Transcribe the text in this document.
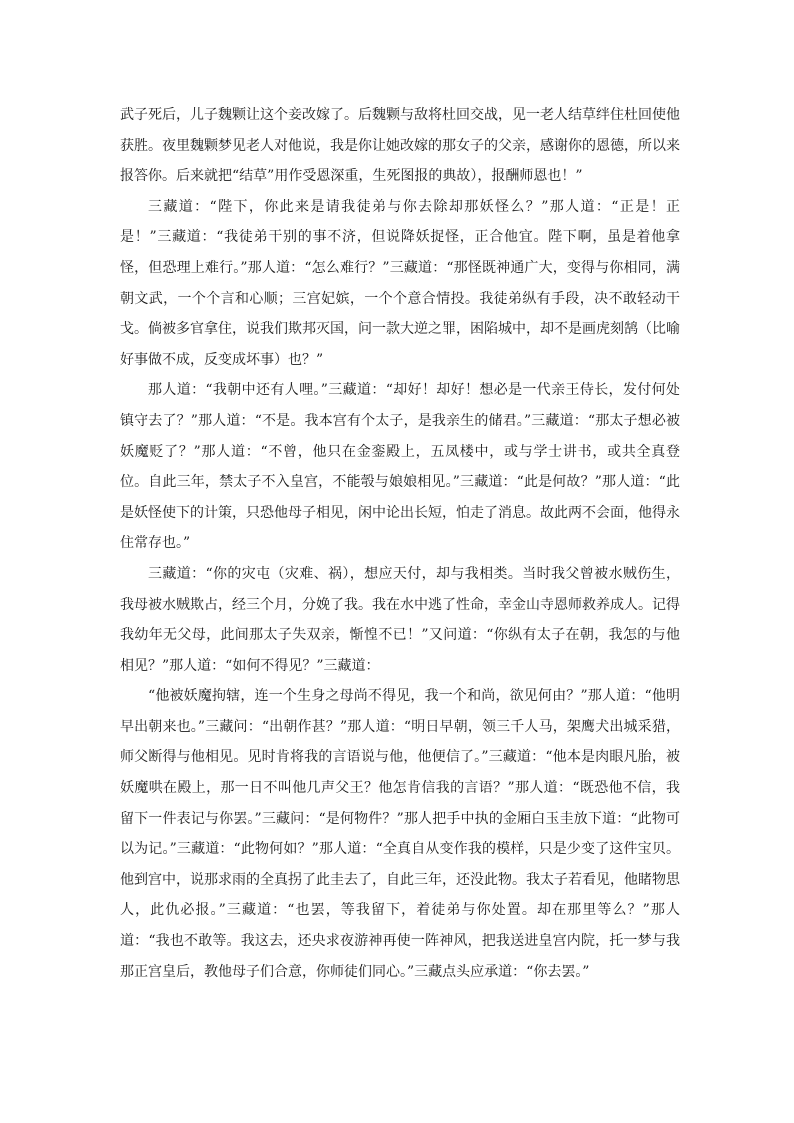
武子死后，儿子魏颗让这个妾改嫁了。后魏颗与敌将杜回交战，见一老人结草绊住杜回使他获胜。夜里魏颗梦见老人对他说，我是你让她改嫁的那女子的父亲，感谢你的恩德，所以来报答你。后来就把“结草”用作受恩深重，生死图报的典故），报酬师恩也！”

三藏道：“陛下，你此来是请我徒弟与你去除却那妖怪么？”那人道：“正是！正是！”三藏道：“我徒弟干别的事不济，但说降妖捉怪，正合他宜。陛下啊，虽是着他拿怪，但恐理上难行。”那人道：“怎么难行？”三藏道：“那怪既神通广大，变得与你相同，满朝文武，一个个言和心顺；三宫妃嫔，一个个意合情投。我徒弟纵有手段，决不敢轻动干戈。倘被多官拿住，说我们欺邦灭国，问一款大逆之罪，困陷城中，却不是画虎刻鹄（比喻好事做不成，反变成坏事）也？”

那人道：“我朝中还有人哩。”三藏道：“却好！却好！想必是一代亲王侍长，发付何处镇守去了？”那人道：“不是。我本宫有个太子，是我亲生的储君。”三藏道：“那太子想必被妖魔贬了？”那人道：“不曾，他只在金銮殿上，五凤楼中，或与学士讲书，或共全真登位。自此三年，禁太子不入皇宫，不能彀与娘娘相见。”三藏道：“此是何故？”那人道：“此是妖怪使下的计策，只恐他母子相见，闲中论出长短，怕走了消息。故此两不会面，他得永住常存也。”

三藏道：“你的灾屯（灾难、祸），想应天付，却与我相类。当时我父曾被水贼伤生，我母被水贼欺占，经三个月，分娩了我。我在水中逃了性命，幸金山寺恩师救养成人。记得我幼年无父母，此间那太子失双亲，惭惶不已！”又问道：“你纵有太子在朝，我怎的与他相见？”那人道：“如何不得见？”三藏道：

“他被妖魔拘辖，连一个生身之母尚不得见，我一个和尚，欲见何由？”那人道：“他明早出朝来也。”三藏问：“出朝作甚？”那人道：“明日早朝，领三千人马，架鹰犬出城采猎，师父断得与他相见。见时肯将我的言语说与他，他便信了。”三藏道：“他本是肉眼凡胎，被妖魔哄在殿上，那一日不叫他几声父王？他怎肯信我的言语？”那人道：“既恐他不信，我留下一件表记与你罢。”三藏问：“是何物件？”那人把手中执的金厢白玉圭放下道：“此物可以为记。”三藏道：“此物何如？”那人道：“全真自从变作我的模样，只是少变了这件宝贝。他到宫中，说那求雨的全真拐了此圭去了，自此三年，还没此物。我太子若看见，他睹物思人，此仇必报。”三藏道：“也罢，等我留下，着徒弟与你处置。却在那里等么？”那人道：“我也不敢等。我这去，还央求夜游神再使一阵神风，把我送进皇宫内院，托一梦与我那正宫皇后，教他母子们合意，你师徒们同心。”三藏点头应承道：“你去罢。”
